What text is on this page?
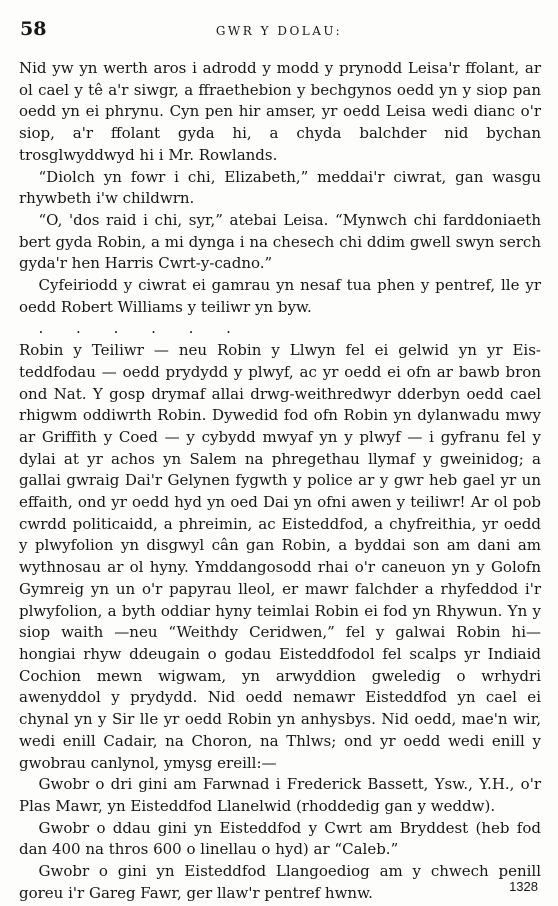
58	GWR Y DOLAU:

Nid yw yn werth aros i adrodd y modd y prynodd Leisa'r ffolant, ar ol cael y tê a'r siwgr, a ffraethebion y bechgynos oedd yn y siop pan oedd yn ei phrynu. Cyn pen hir amser, yr oedd Leisa wedi dianc o'r siop, a'r ffolant gyda hi, a chyda balchder nid bychan trosglwyddwyd hi i Mr. Rowlands.

“Diolch yn fowr i chi, Elizabeth,” meddai'r ciwrat, gan wasgu rhywbeth i'w childwrn.

“O, 'dos raid i chi, syr,” atebai Leisa. “Mynwch chi farddoniaeth bert gyda Robin, a mi dynga i na chesech chi ddim gwell swyn serch gyda'r hen Harris Cwrt-y-cadno.”

Cyfeiriodd y ciwrat ei gamrau yn nesaf tua phen y pentref, lle yr oedd Robert Williams y teiliwr yn byw.

. . . . . .

Robin y Teiliwr — neu Robin y Llwyn fel ei gelwid yn yr Eisteddfodau — oedd prydydd y plwyf, ac yr oedd ei ofn ar bawb bron ond Nat. Y gosp drymaf allai drwg-weithredwyr dderbyn oedd cael rhigwm oddiwrth Robin. Dywedid fod ofn Robin yn dylanwadu mwy ar Griffith y Coed — y cybydd mwyaf yn y plwyf — i gyfranu fel y dylai at yr achos yn Salem na phregethau llymaf y gweinidog; a gallai gwraig Dai'r Gelynen fygwth y police ar y gwr heb gael yr un effaith, ond yr oedd hyd yn oed Dai yn ofni awen y teiliwr! Ar ol pob cwrdd politicaidd, a phreimin, ac Eisteddfod, a chyfreithia, yr oedd y plwyfolion yn disgwyl cân gan Robin, a byddai son am dani am wythnosau ar ol hyny. Ymddangosodd rhai o'r caneuon yn y Golofn Gymreig yn un o'r papyrau lleol, er mawr falchder a rhyfeddod i'r plwyfolion, a byth oddiar hyny teimlai Robin ei fod yn Rhywun. Yn y siop waith —neu “Weithdy Ceridwen,” fel y galwai Robin hi—hongiai rhyw ddeugain o godau Eisteddfodol fel scalps yr Indiaid Cochion mewn wigwam, yn arwyddion gweledig o wrhydri awenyddol y prydydd. Nid oedd nemawr Eisteddfod yn cael ei chynal yn y Sir lle yr oedd Robin yn anhysbys. Nid oedd, mae'n wir, wedi enill Cadair, na Choron, na Thlws; ond yr oedd wedi enill y gwobrau canlynol, ymysg ereill:—

Gwobr o dri gini am Farwnad i Frederick Bassett, Ysw., Y.H., o'r Plas Mawr, yn Eisteddfod Llanelwid (rhoddedig gan y weddw).

Gwobr o ddau gini yn Eisteddfod y Cwrt am Bryddest (heb fod dan 400 na thros 600 o linellau o hyd) ar “Caleb.”

Gwobr o gini yn Eisteddfod Llangoediog am y chwech penill goreu i'r Gareg Fawr, ger llaw'r pentref hwnw.	1328
